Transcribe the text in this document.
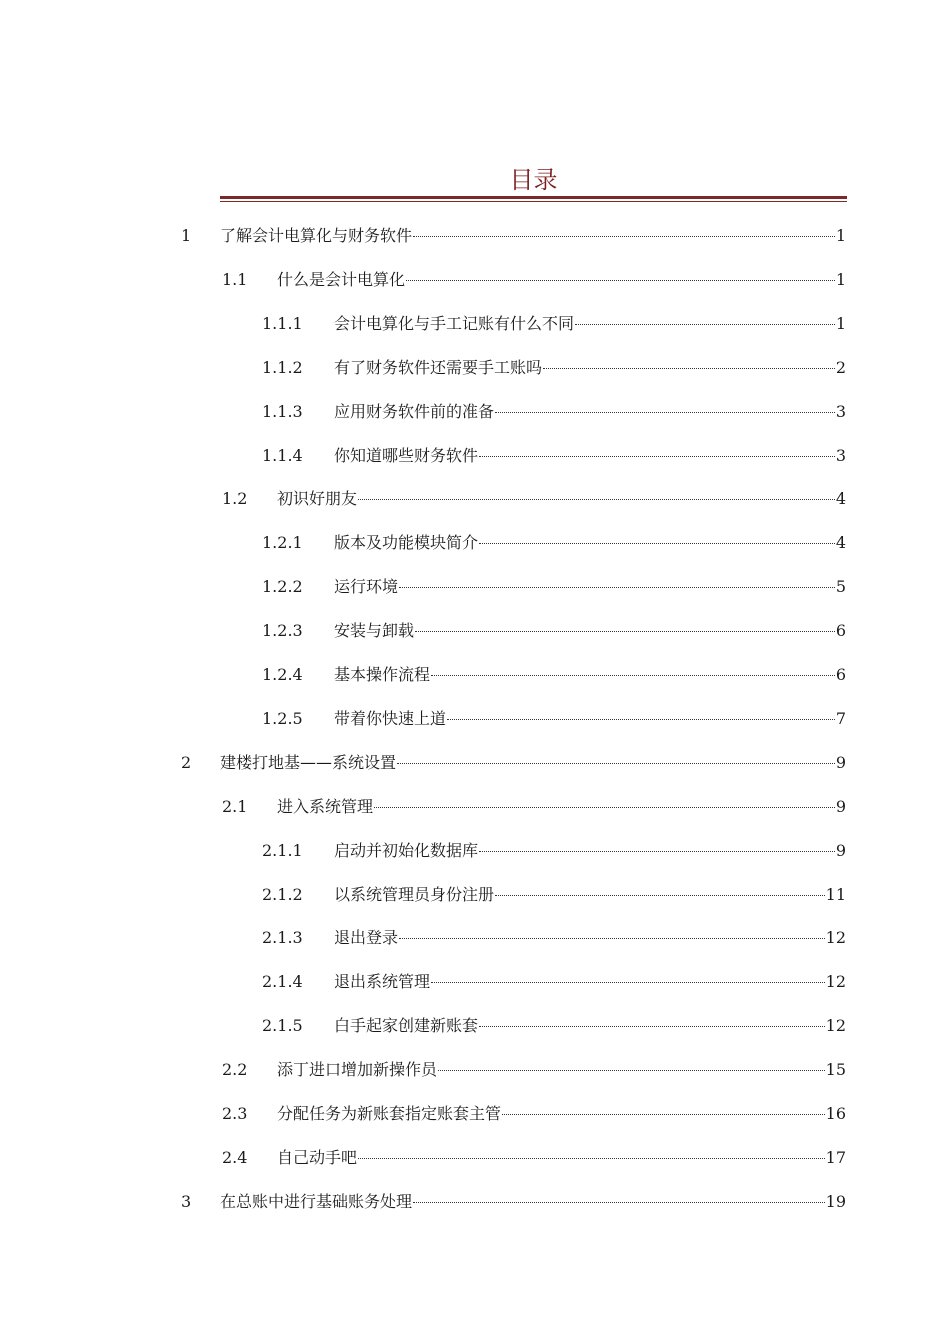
目录
1	了解会计电算化与财务软件	1
1.1	什么是会计电算化	1
1.1.1	会计电算化与手工记账有什么不同	1
1.1.2	有了财务软件还需要手工账吗	2
1.1.3	应用财务软件前的准备	3
1.1.4	你知道哪些财务软件	3
1.2	初识好朋友	4
1.2.1	版本及功能模块简介	4
1.2.2	运行环境	5
1.2.3	安装与卸载	6
1.2.4	基本操作流程	6
1.2.5	带着你快速上道	7
2	建楼打地基——系统设置	9
2.1	进入系统管理	9
2.1.1	启动并初始化数据库	9
2.1.2	以系统管理员身份注册	11
2.1.3	退出登录	12
2.1.4	退出系统管理	12
2.1.5	白手起家创建新账套	12
2.2	添丁进口增加新操作员	15
2.3	分配任务为新账套指定账套主管	16
2.4	自己动手吧	17
3	在总账中进行基础账务处理	19
